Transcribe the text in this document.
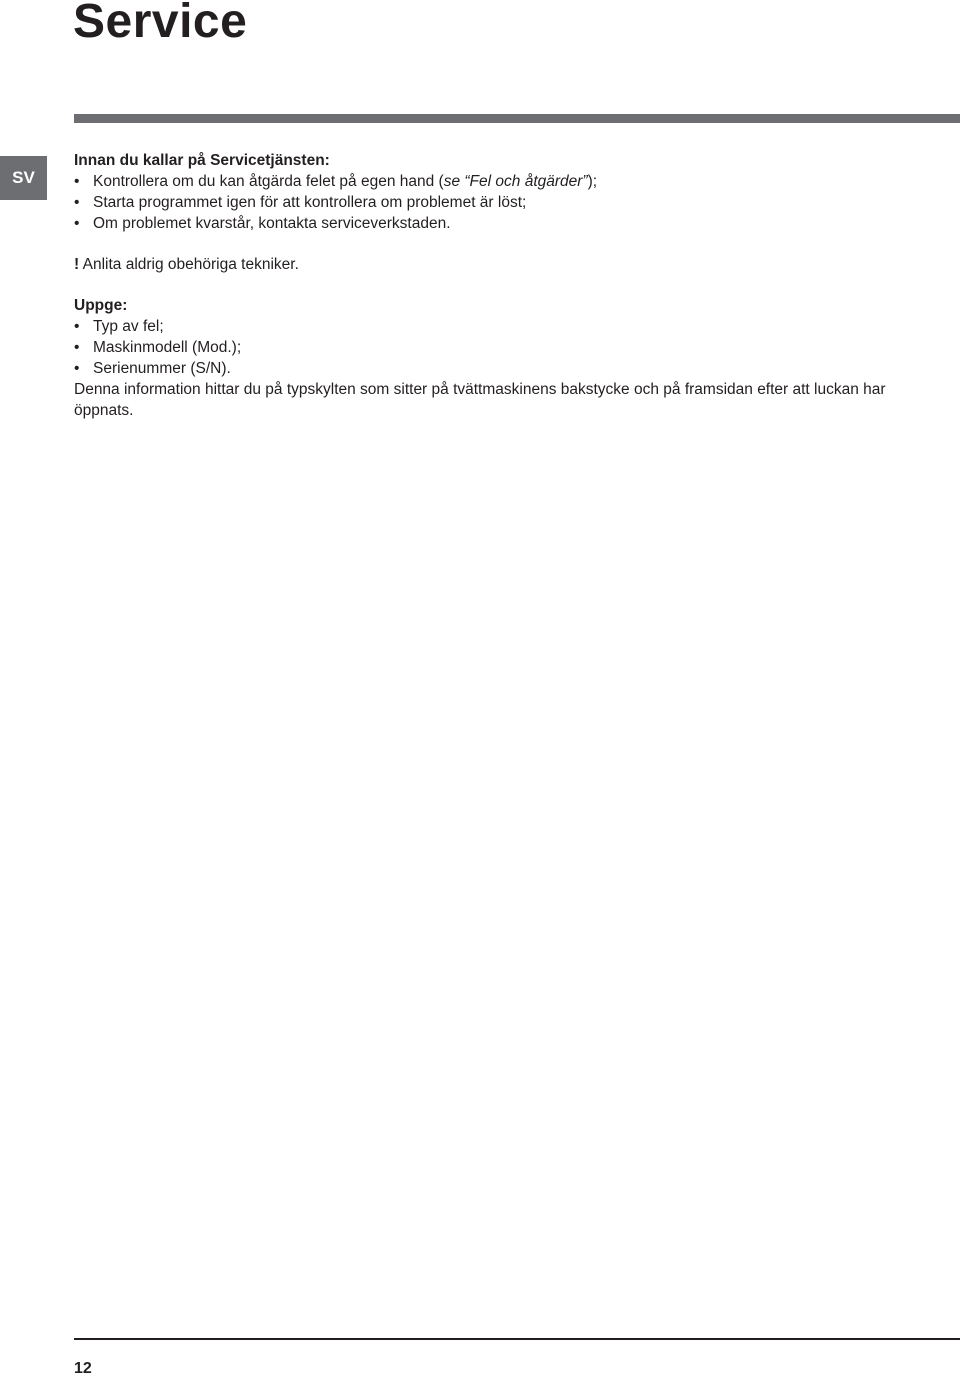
Service
SV
Innan du kallar på Servicetjänsten:
• Kontrollera om du kan åtgärda felet på egen hand (se “Fel och åtgärder”);
• Starta programmet igen för att kontrollera om problemet är löst;
• Om problemet kvarstår, kontakta serviceverkstaden.

! Anlita aldrig obehöriga tekniker.

Uppge:
• Typ av fel;
• Maskinmodell (Mod.);
• Serienummer (S/N).

Denna information hittar du på typskylten som sitter på tvättmaskinens bakstycke och på framsidan efter att luckan har öppnats.

12
